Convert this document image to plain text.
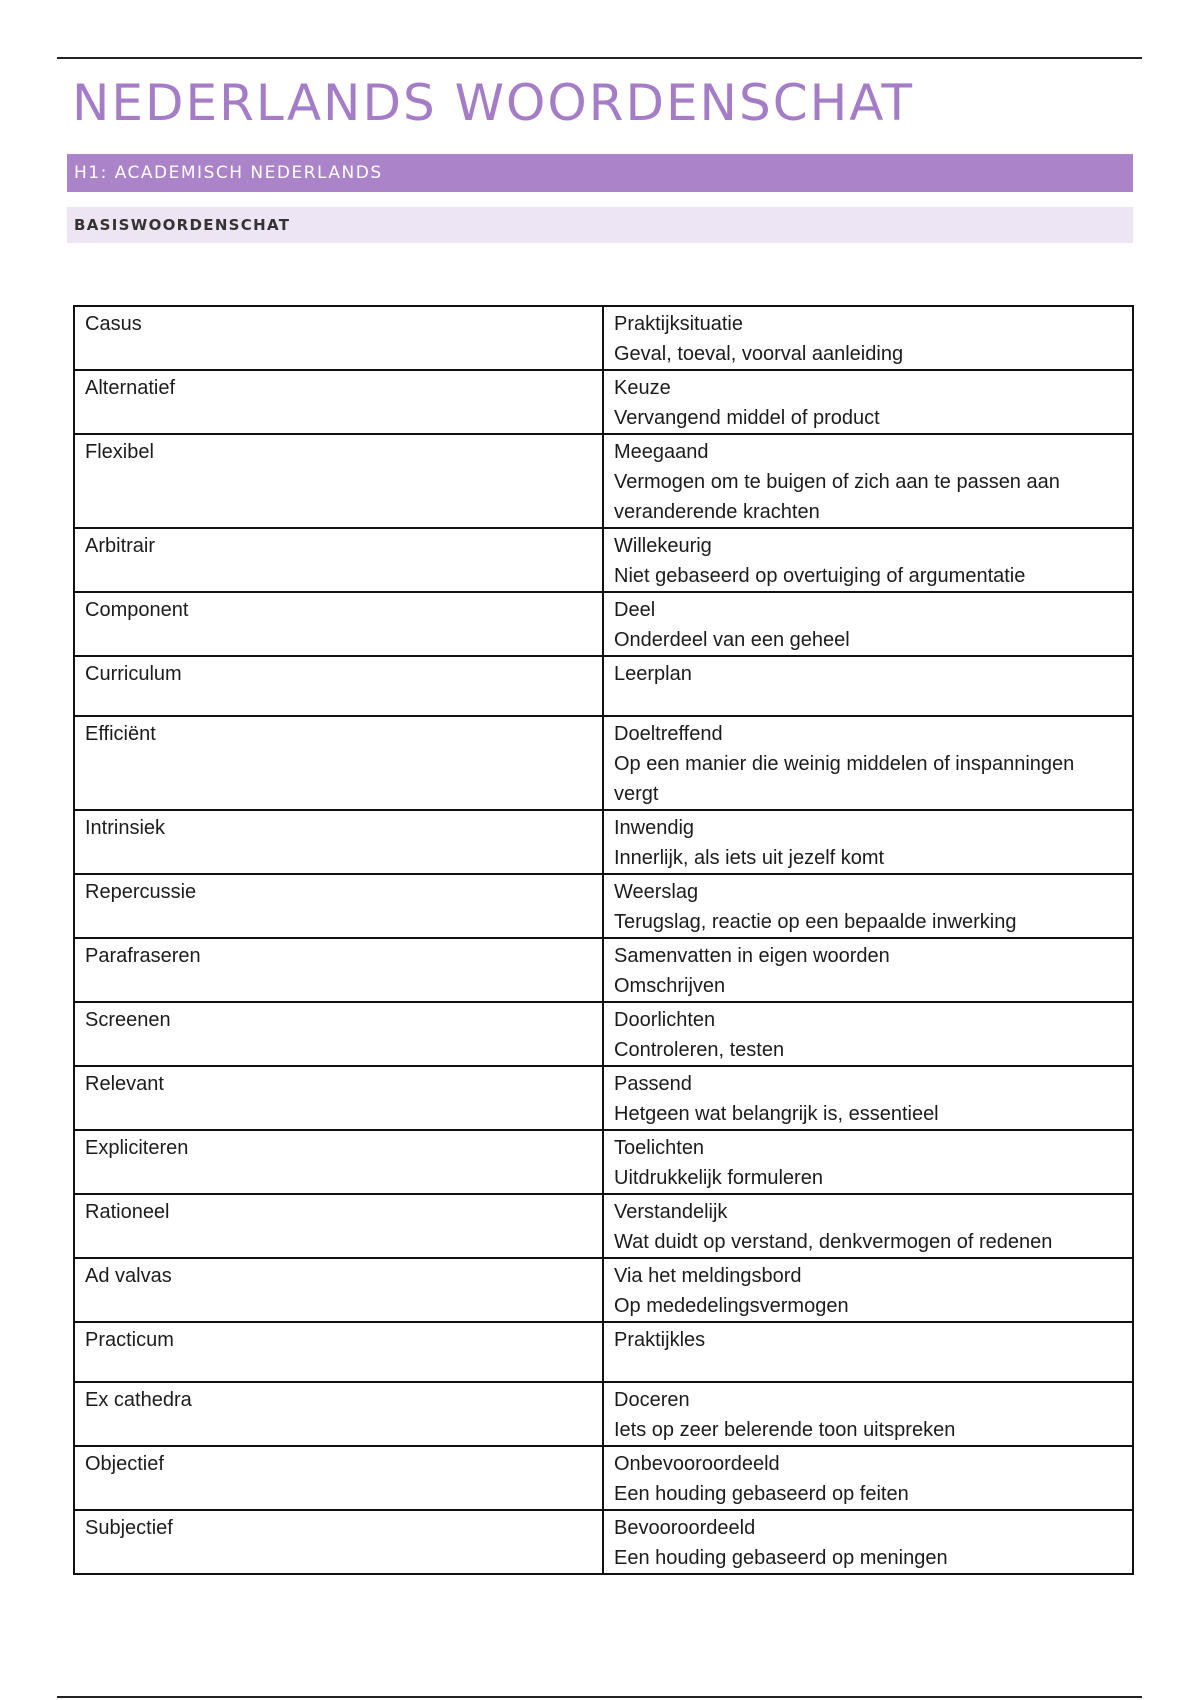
NEDERLANDS WOORDENSCHAT
H1: ACADEMISCH NEDERLANDS
BASISWOORDENSCHAT
Casus	Praktijksituatie
Geval, toeval, voorval aanleiding

Alternatief	Keuze
Vervangend middel of product

Flexibel	Meegaand
Vermogen om te buigen of zich aan te passen aan veranderende krachten

Arbitrair	Willekeurig
Niet gebaseerd op overtuiging of argumentatie

Component	Deel
Onderdeel van een geheel

Curriculum	Leerplan

Efficiënt	Doeltreffend
Op een manier die weinig middelen of inspanningen vergt

Intrinsiek	Inwendig
Innerlijk, als iets uit jezelf komt

Repercussie	Weerslag
Terugslag, reactie op een bepaalde inwerking

Parafraseren	Samenvatten in eigen woorden
Omschrijven

Screenen	Doorlichten
Controleren, testen

Relevant	Passend
Hetgeen wat belangrijk is, essentieel

Expliciteren	Toelichten
Uitdrukkelijk formuleren

Rationeel	Verstandelijk
Wat duidt op verstand, denkvermogen of redenen

Ad valvas	Via het meldingsbord
Op mededelingsvermogen

Practicum	Praktijkles

Ex cathedra	Doceren
Iets op zeer belerende toon uitspreken

Objectief	Onbevooroordeeld
Een houding gebaseerd op feiten

Subjectief	Bevooroordeeld
Een houding gebaseerd op meningen
